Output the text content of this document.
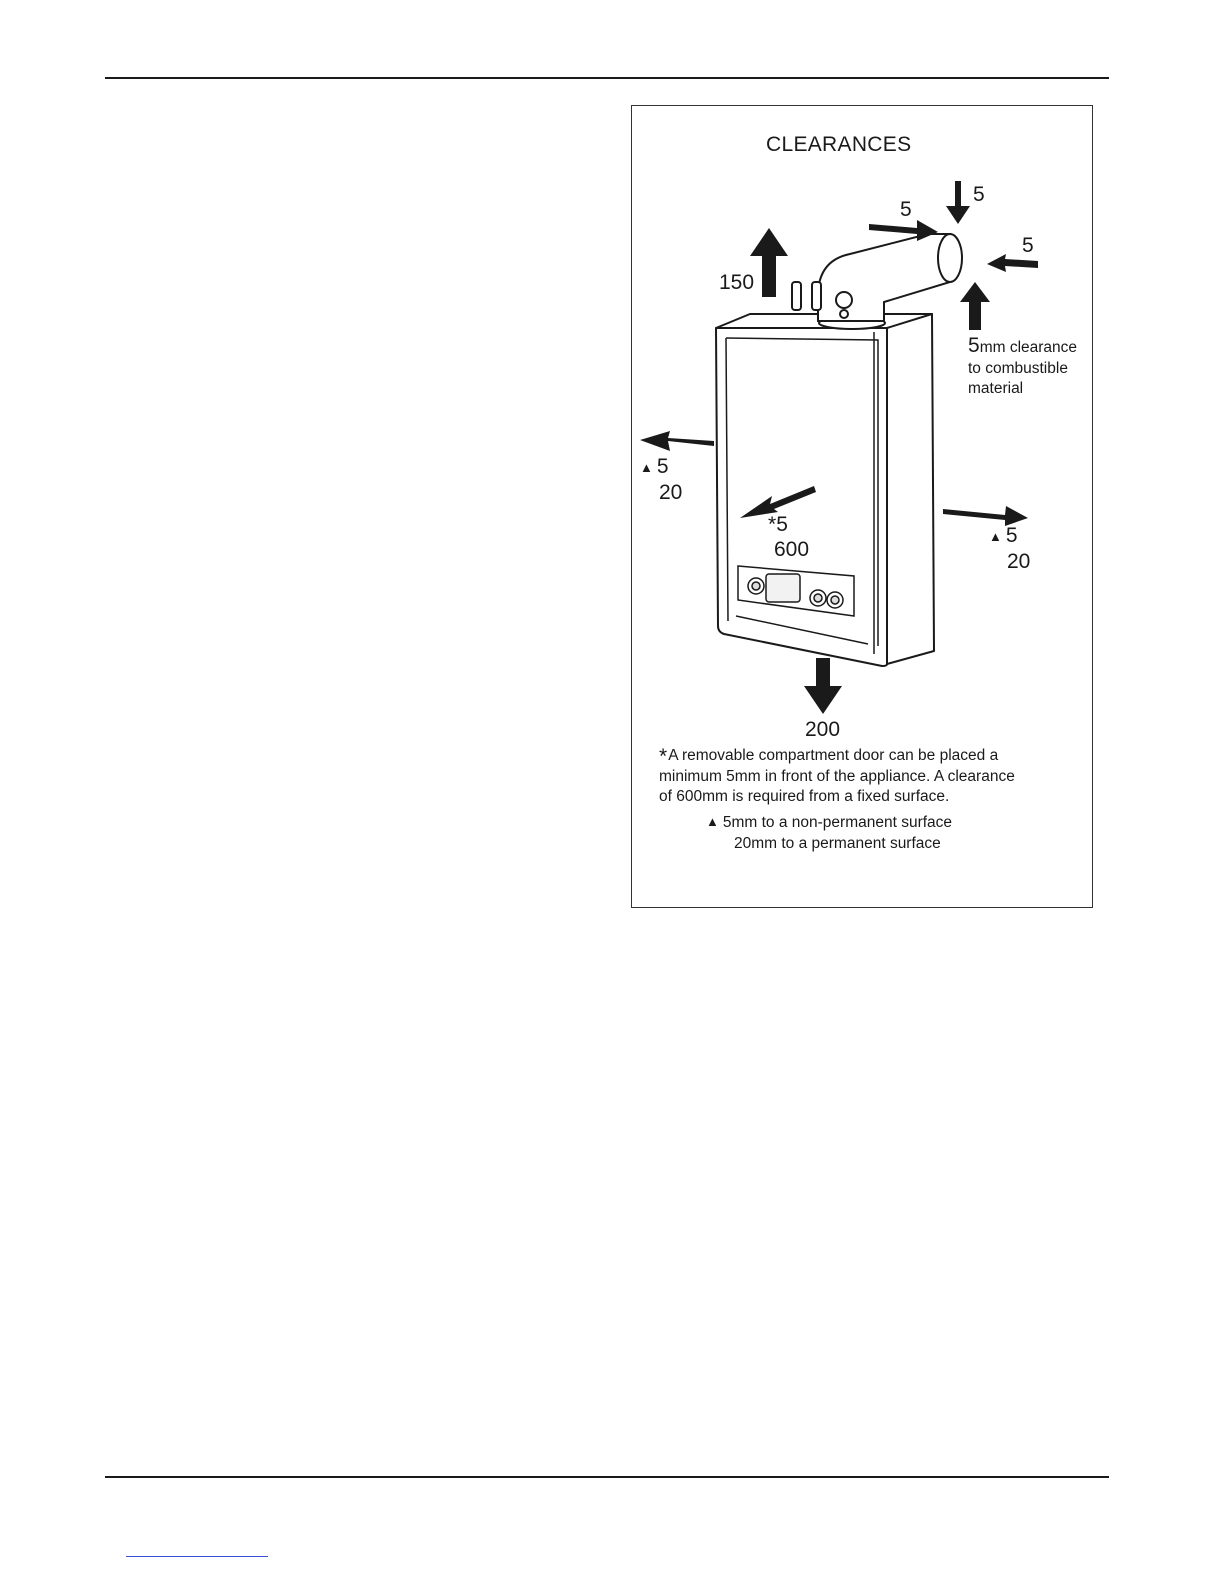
CLEARANCES
150
5
5
5
5mm clearance
to combustible
material
▲ 5
20
*5
600
▲ 5
20
200
*A removable compartment door can be placed a
minimum 5mm in front of the appliance. A clearance
of 600mm is required from a fixed surface.
▲ 5mm to a non-permanent surface
20mm to a permanent surface
